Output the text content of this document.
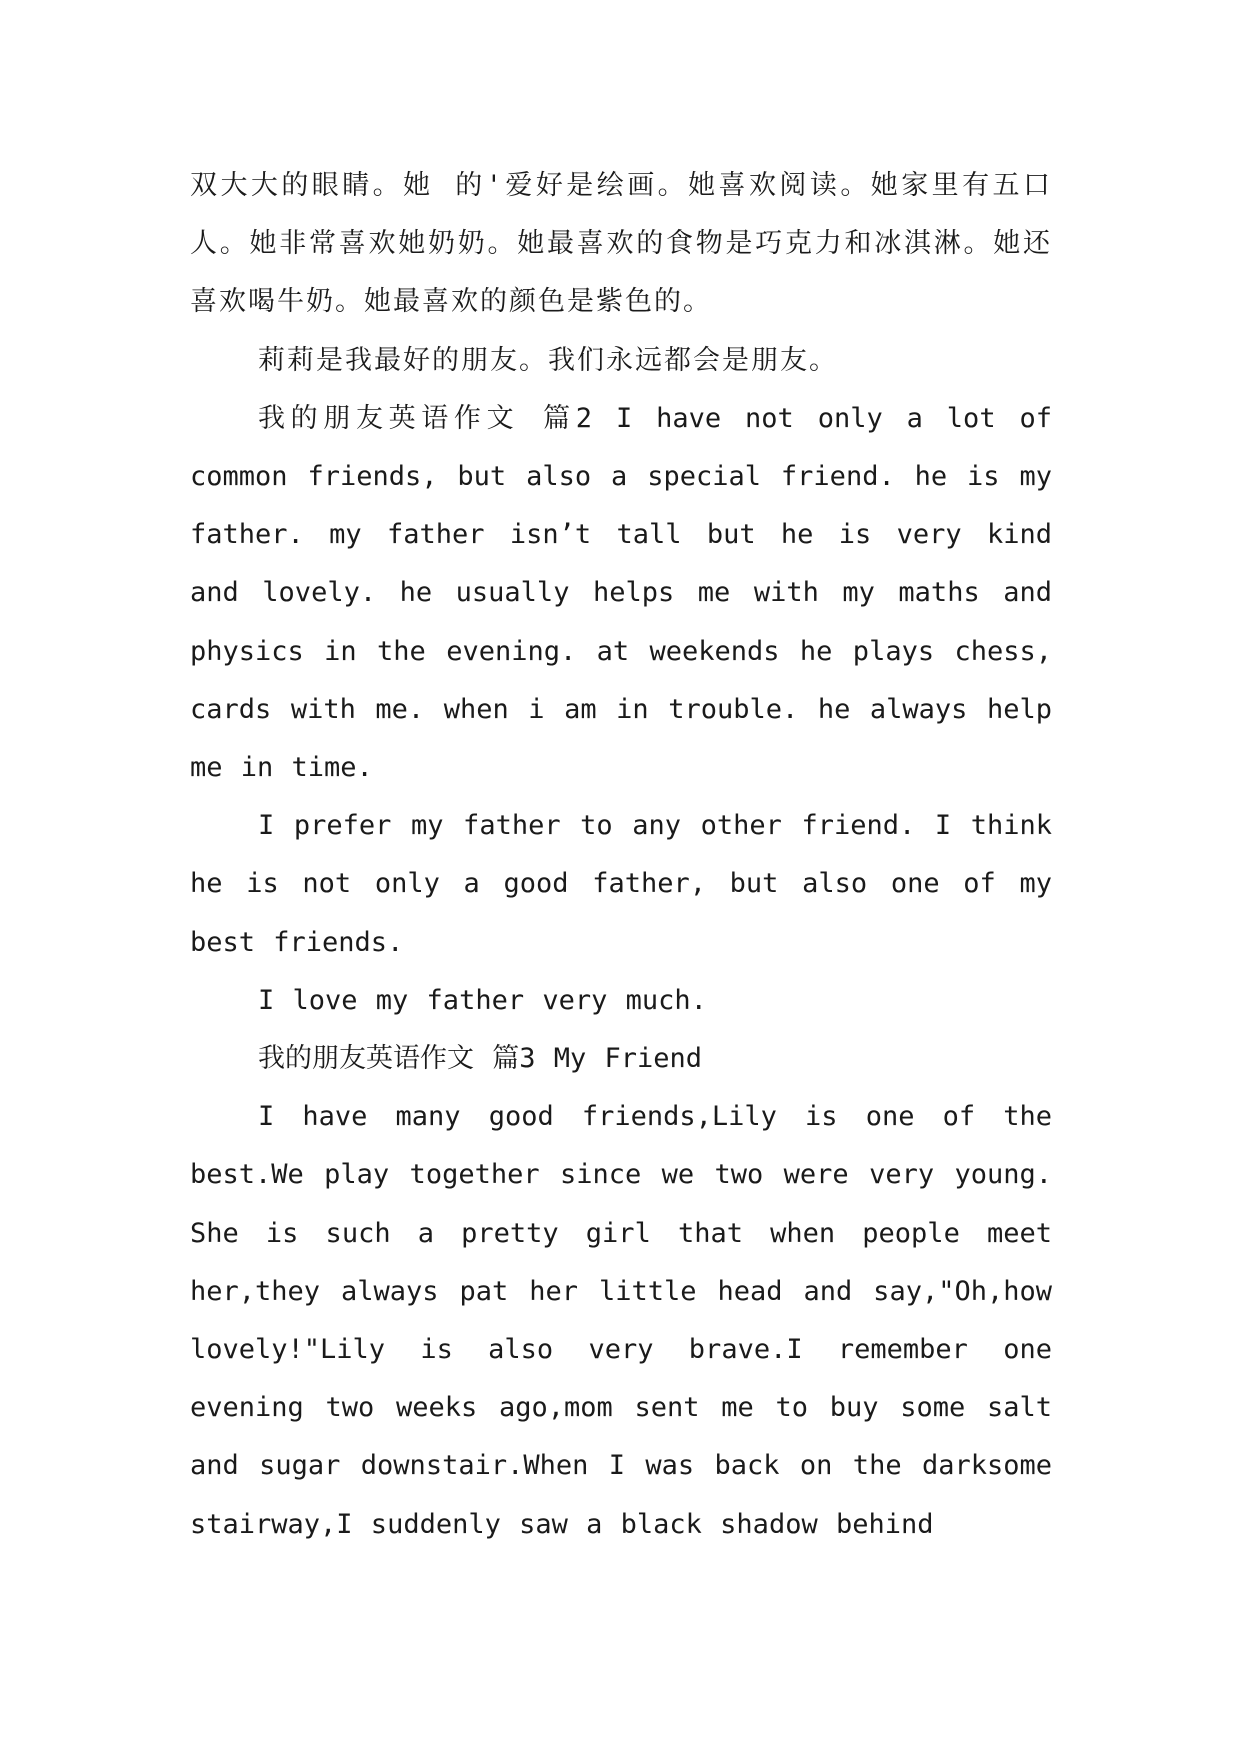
双大大的眼睛。她 的'爱好是绘画。她喜欢阅读。她家里有五口人。她非常喜欢她奶奶。她最喜欢的食物是巧克力和冰淇淋。她还喜欢喝牛奶。她最喜欢的颜色是紫色的。

莉莉是我最好的朋友。我们永远都会是朋友。

我的朋友英语作文 篇2 I have not only a lot of common friends, but also a special friend. he is my father. my father isn’t tall but he is very kind and lovely. he usually helps me with my maths and physics in the evening. at weekends he plays chess, cards with me. when i am in trouble. he always help me in time.

I prefer my father to any other friend. I think he is not only a good father, but also one of my best friends.

I love my father very much.

我的朋友英语作文 篇3 My Friend

I have many good friends,Lily is one of the best.We play together since we two were very young. She is such a pretty girl that when people meet her,they always pat her little head and say,"Oh,how lovely!"Lily is also very brave.I remember one evening two weeks ago,mom sent me to buy some salt and sugar downstair.When I was back on the darksome stairway,I suddenly saw a black shadow behind
